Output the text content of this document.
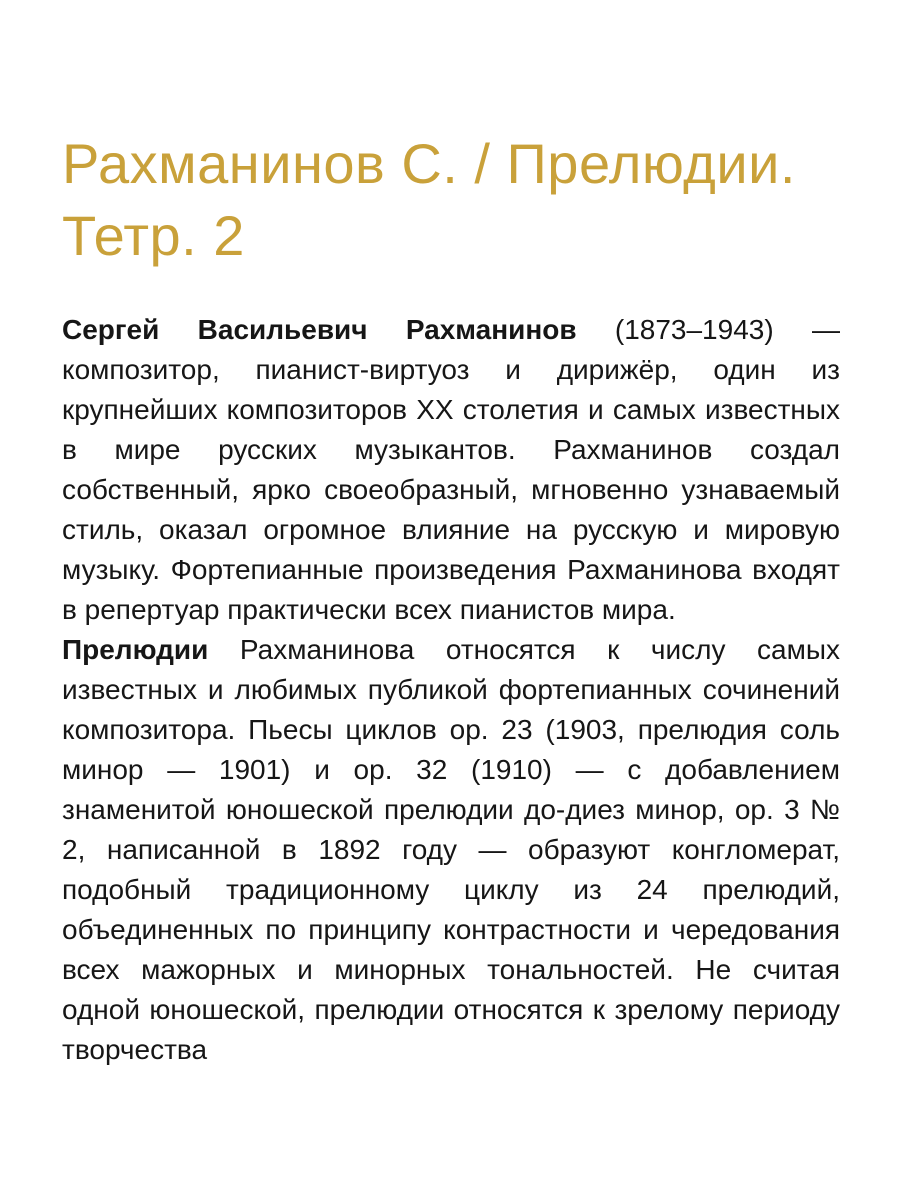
Рахманинов С. / Прелюдии. Тетр. 2

Сергей Васильевич Рахманинов (1873–1943) — композитор, пианист-виртуоз и дирижёр, один из крупнейших композиторов XX столетия и самых известных в мире русских музыкантов. Рахманинов создал собственный, ярко своеобразный, мгновенно узнаваемый стиль, оказал огромное влияние на русскую и мировую музыку. Фортепианные произведения Рахманинова входят в репертуар практически всех пианистов мира.

Прелюдии Рахманинова относятся к числу самых известных и любимых публикой фортепианных сочинений композитора. Пьесы циклов ор. 23 (1903, прелюдия соль минор — 1901) и ор. 32 (1910) — с добавлением знаменитой юношеской прелюдии до-диез минор, ор. 3 № 2, написанной в 1892 году — образуют конгломерат, подобный традиционному циклу из 24 прелюдий, объединенных по принципу контрастности и чередования всех мажорных и минорных тональностей. Не считая одной юношеской, прелюдии относятся к зрелому периоду творчества
